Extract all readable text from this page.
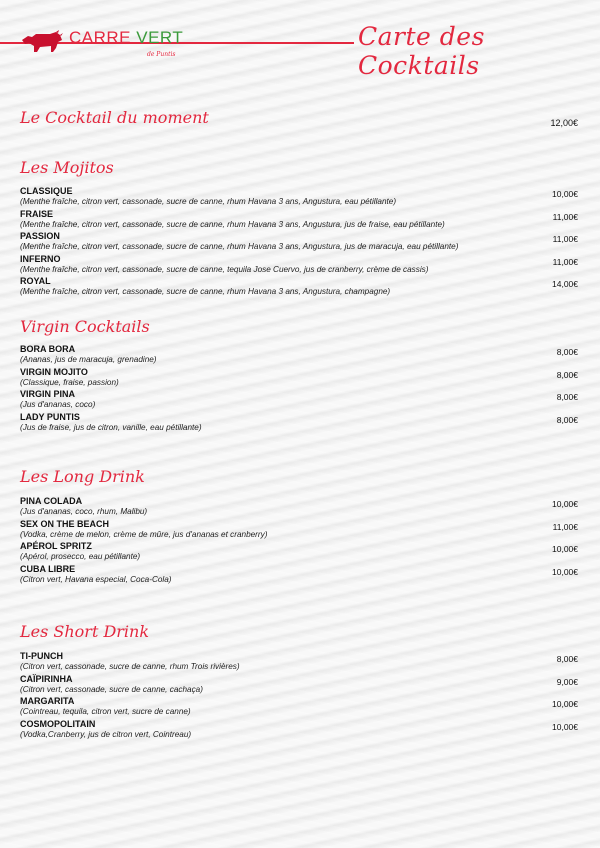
CARRE VERT
de Puntis
Carte des Cocktails
Le Cocktail du moment	12,00€
Les Mojitos
CLASSIQUE
(Menthe fraîche, citron vert, cassonade, sucre de canne, rhum Havana 3 ans, Angustura, eau pétillante)
10,00€
FRAISE
(Menthe fraîche, citron vert, cassonade, sucre de canne, rhum Havana 3 ans, Angustura, jus de fraise, eau pétillante)
11,00€
PASSION
(Menthe fraîche, citron vert, cassonade, sucre de canne, rhum Havana 3 ans, Angustura, jus de maracuja, eau pétillante)
11,00€
INFERNO
(Menthe fraîche, citron vert, cassonade, sucre de canne, tequila Jose Cuervo, jus de cranberry, crème de cassis)
11,00€
ROYAL
(Menthe fraîche, citron vert, cassonade, sucre de canne, rhum Havana 3 ans, Angustura, champagne)
14,00€
Virgin Cocktails
BORA BORA
(Ananas, jus de maracuja, grenadine)
8,00€
VIRGIN MOJITO
(Classique, fraise, passion)
8,00€
VIRGIN PINA
(Jus d'ananas, coco)
8,00€
LADY PUNTIS
(Jus de fraise, jus de citron, vanille, eau pétillante)
8,00€
Les Long Drink
PINA COLADA
(Jus d'ananas, coco, rhum, Malibu)
10,00€
SEX ON THE BEACH
(Vodka, crème de melon, crème de mûre, jus d'ananas et cranberry)
11,00€
APÉROL SPRITZ
(Apérol, prosecco, eau pétillante)
10,00€
CUBA LIBRE
(Citron vert, Havana especial, Coca-Cola)
10,00€
Les Short Drink
TI-PUNCH
(Citron vert, cassonade, sucre de canne, rhum Trois rivières)
8,00€
CAÏPIRINHA
(Citron vert, cassonade, sucre de canne, cachaça)
9,00€
MARGARITA
(Cointreau, tequila, citron vert, sucre de canne)
10,00€
COSMOPOLITAIN
(Vodka,Cranberry, jus de citron vert, Cointreau)
10,00€
